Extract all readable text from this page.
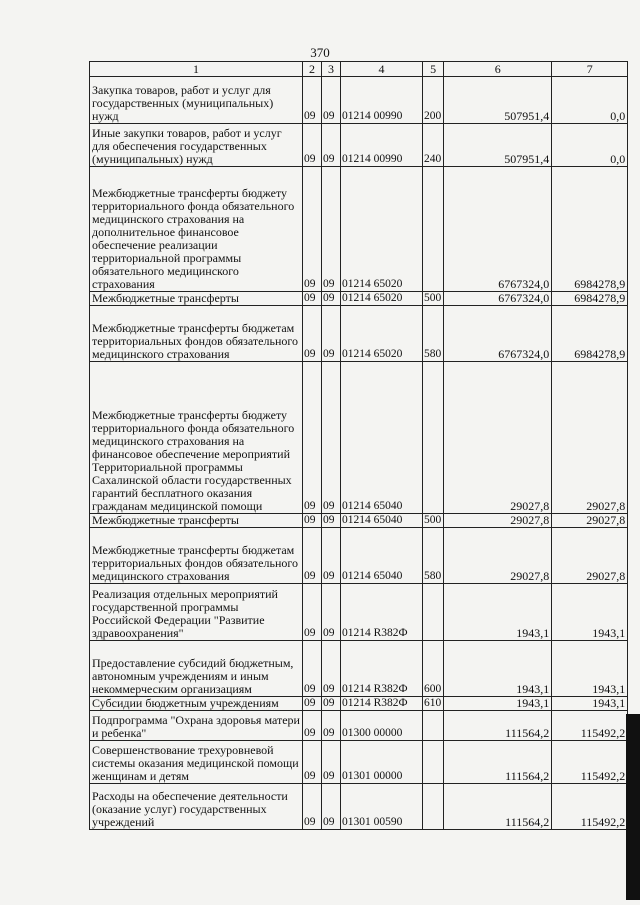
370
1	2	3	4	5	6	7
Закупка товаров, работ и услуг для государственных (муниципальных) нужд	09	09	01214 00990	200	507951,4	0,0
Иные закупки товаров, работ и услуг для обеспечения государственных (муниципальных) нужд	09	09	01214 00990	240	507951,4	0,0
Межбюджетные трансферты бюджету территориального фонда обязательного медицинского страхования на дополнительное финансовое обеспечение реализации территориальной программы обязательного медицинского страхования	09	09	01214 65020		6767324,0	6984278,9
Межбюджетные трансферты	09	09	01214 65020	500	6767324,0	6984278,9
Межбюджетные трансферты бюджетам территориальных фондов обязательного медицинского страхования	09	09	01214 65020	580	6767324,0	6984278,9
Межбюджетные трансферты бюджету территориального фонда обязательного медицинского страхования на финансовое обеспечение мероприятий Территориальной программы Сахалинской области государственных гарантий бесплатного оказания гражданам медицинской помощи	09	09	01214 65040		29027,8	29027,8
Межбюджетные трансферты	09	09	01214 65040	500	29027,8	29027,8
Межбюджетные трансферты бюджетам территориальных фондов обязательного медицинского страхования	09	09	01214 65040	580	29027,8	29027,8
Реализация отдельных мероприятий государственной программы Российской Федерации "Развитие здравоохранения"	09	09	01214 R382Ф		1943,1	1943,1
Предоставление субсидий бюджетным, автономным учреждениям и иным некоммерческим организациям	09	09	01214 R382Ф	600	1943,1	1943,1
Субсидии бюджетным учреждениям	09	09	01214 R382Ф	610	1943,1	1943,1
Подпрограмма "Охрана здоровья матери и ребенка"	09	09	01300 00000		111564,2	115492,2
Совершенствование трехуровневой системы оказания медицинской помощи женщинам и детям	09	09	01301 00000		111564,2	115492,2
Расходы на обеспечение деятельности (оказание услуг) государственных учреждений	09	09	01301 00590		111564,2	115492,2
